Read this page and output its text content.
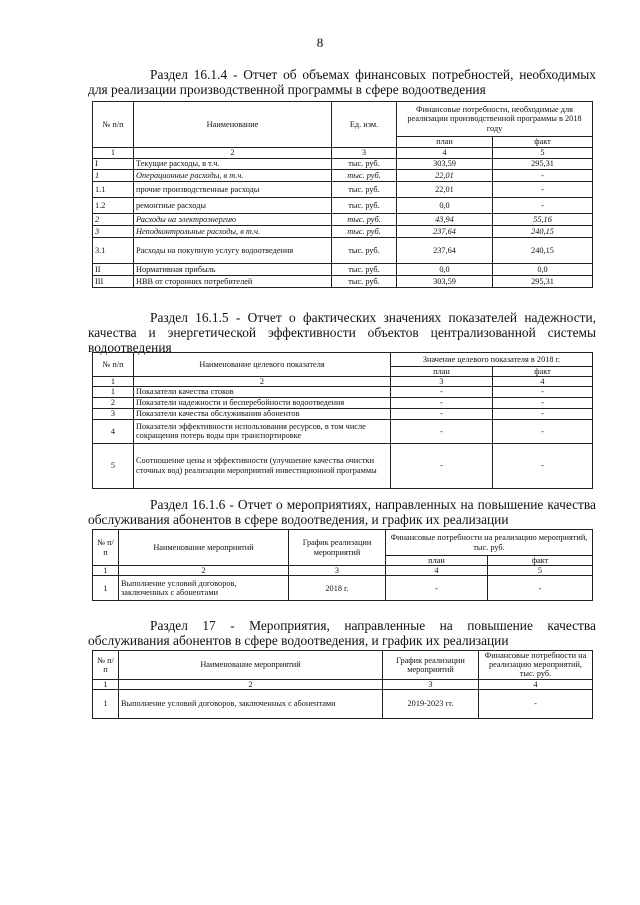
8
Раздел 16.1.4 - Отчет об объемах финансовых потребностей, необходимых для реализации производственной программы в сфере водоотведения
№ п/п	Наименование	Ед. изм.	Финансовые потребности, необходимые для реализации производственной программы в 2018 году	
			план	факт
1	2	3	4	5
I	Текущие расходы, в т.ч.	тыс. руб.	303,59	295,31
1	Операционные расходы, в т.ч.	тыс. руб.	22,01	-
1.1	прочие производственные расходы	тыс. руб.	22,01	-
1.2	ремонтные расходы	тыс. руб.	0,0	-
2	Расходы на электроэнергию	тыс. руб.	43,94	55,16
3	Неподконтрольные расходы, в т.ч.	тыс. руб.	237,64	240,15
3.1	Расходы на покупную услугу водоотведения	тыс. руб.	237,64	240,15
II	Нормативная прибыль	тыс. руб.	0,0	0,0
III	НВВ от сторонних потребителей	тыс. руб.	303,59	295,31
Раздел 16.1.5 - Отчет о фактических значениях показателей надежности, качества и энергетической эффективности объектов централизованной системы водоотведения
№ п/п	Наименование целевого показателя	Значение целевого показателя в 2018 г.	
		план	факт
1	2	3	4
1	Показатели качества стоков	-	-
2	Показатели надежности и бесперебойности водоотведения	-	-
3	Показатели качества обслуживания абонентов	-	-
4	Показатели эффективности использования ресурсов, в том числе сокращения потерь воды при транспортировке	-	-
5	Соотношение цены и эффективности (улучшение качества очистки сточных вод) реализации мероприятий инвестиционной программы	-	-
Раздел 16.1.6 - Отчет о мероприятиях, направленных на повышение качества обслуживания абонентов в сфере водоотведения, и график их реализации
№ п/п	Наименование мероприятий	График реализации мероприятий	Финансовые потребности на реализацию мероприятий, тыс. руб.	
			план	факт
1	2	3	4	5
1	Выполнение условий договоров, заключенных с абонентами	2018 г.	-	-
Раздел 17 - Мероприятия, направленные на повышение качества обслуживания абонентов в сфере водоотведения, и график их реализации
№ п/п	Наименование мероприятий	График реализации мероприятий	Финансовые потребности на реализацию мероприятий, тыс. руб.
1	2	3	4
1	Выполнение условий договоров, заключенных с абонентами	2019-2023 гг.	-
